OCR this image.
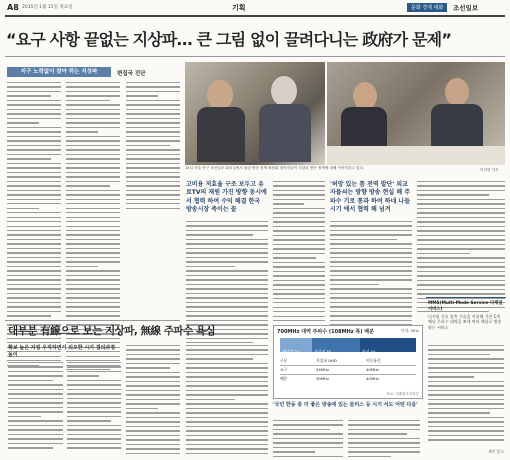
A8 2015년 1월 15일 목요일	기획	문화 경제 대화	조선일보
“요구 사항 끝없는 지상파… 큰 그림 없이 끌려다니는 政府가 문제”
지구 노력없이 찾아 하는 지상파	편집국 진단
15일 서울 중구 조선일보 회의실에서 열린 방송 정책 좌담회 참석자들이 지상파 방송 정책에 대해 이야기하고 있다.	이진한 기자
고비용 저효율 구조 보두고 유료TV의 재원 가진 방향 동시에서 협력 하여 수익 해결 한국 방송시장 죽이는 꼴
'허망 있는 틈 전역 발단' 외교 자물쇠는 방향 방송 현실 해 주파수 기로 통과 하여 하네 나들 시기 에서 협력 해 넘겨
대부분 有線으로 보는 지상파, 無線 주파수 욕심
확보 높은 자질 우직하면서 의오한 시기 결의과정 높이
700MHz 대역 주파수 (108MHz 폭) 배분	단위: MHz
재난망 20	지상파 30	통신 40
구분	지상파 UHD	이동통신
요구	54MHz	40MHz
배분	30MHz	40MHz
자료: 미래창조과학부
'국민 한동 중 더 좋은 방송에 있는 물러스 등 시기 서도 어떤 다음'
MMS(Multi-Mode Service·다채널 서비스)
디지털 신호 압축 기술을 이용해 기존 1개 채널 주파수 대역을 쪼개 여러 채널로 방송하는 서비스
4면 참고
